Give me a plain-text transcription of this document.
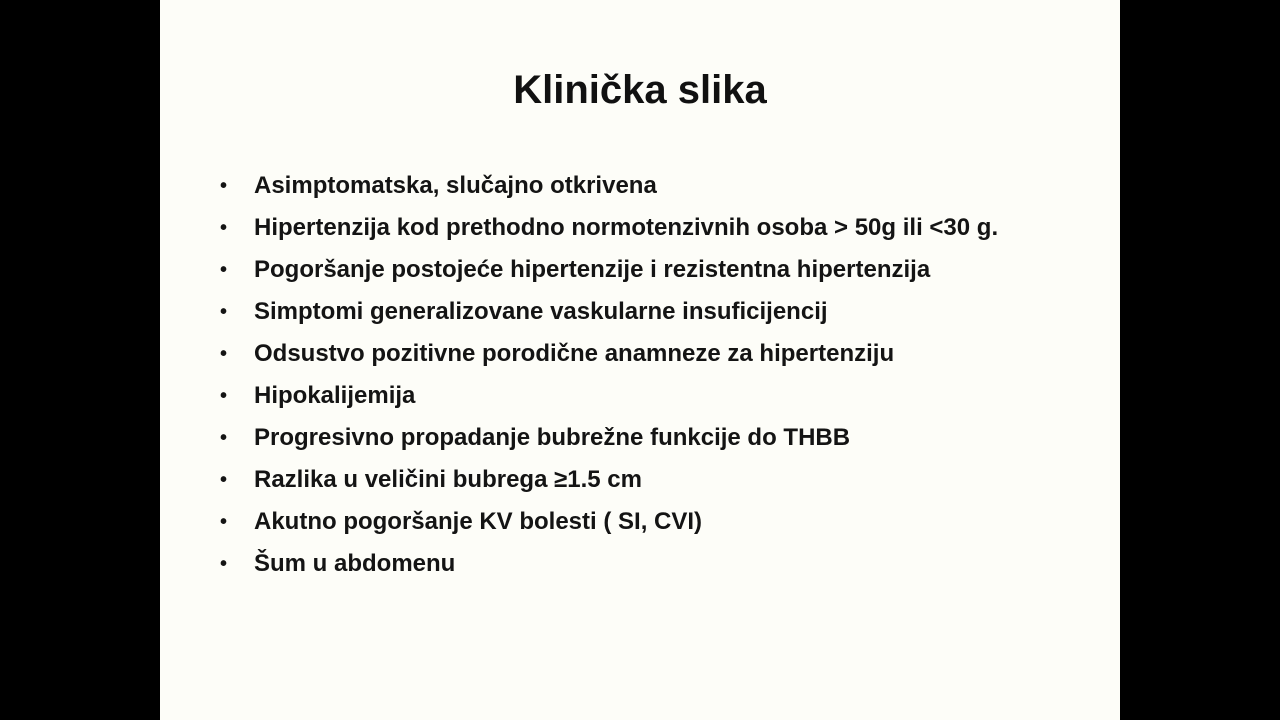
Klinička slika
• Asimptomatska, slučajno otkrivena
• Hipertenzija kod prethodno normotenzivnih osoba > 50g ili <30 g.
• Pogoršanje postojeće hipertenzije i rezistentna hipertenzija
• Simptomi generalizovane vaskularne insuficijencij
• Odsustvo pozitivne porodične anamneze za hipertenziju
• Hipokalijemija
• Progresivno propadanje bubrežne funkcije do THBB
• Razlika u veličini bubrega ≥1.5 cm
• Akutno pogoršanje KV bolesti ( SI, CVI)
• Šum u abdomenu
